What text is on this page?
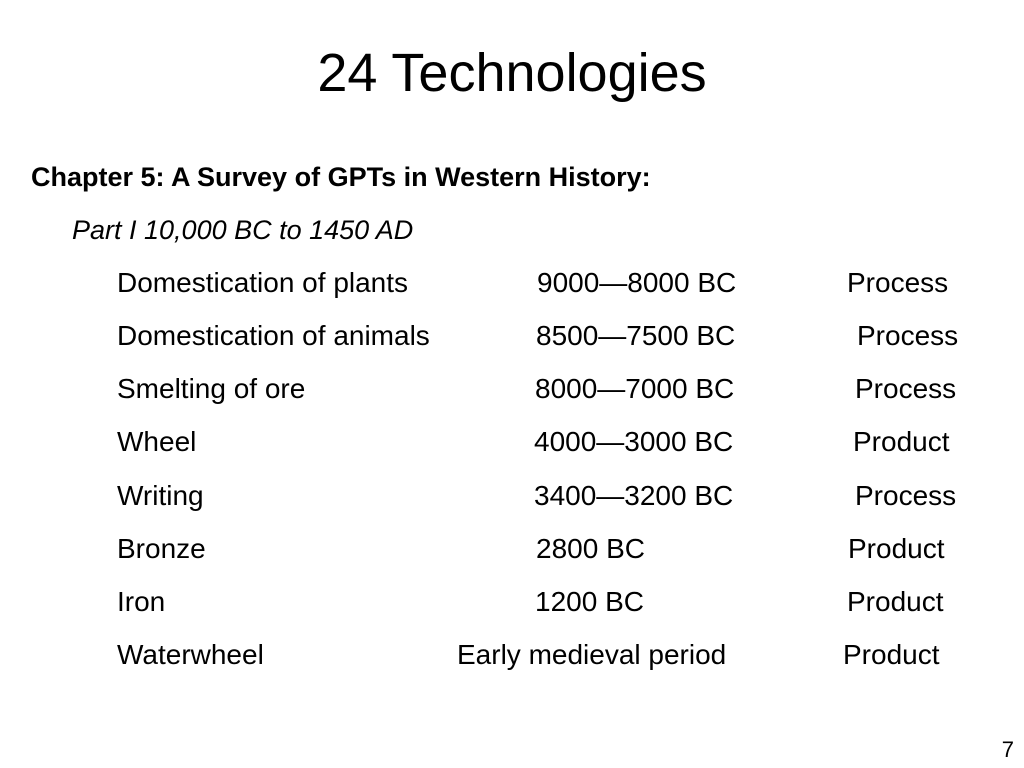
24 Technologies

Chapter 5: A Survey of GPTs in Western History:

Part I 10,000 BC to 1450 AD

Domestication of plants	9000—8000 BC	Process
Domestication of animals	8500—7500 BC	Process
Smelting of ore	8000—7000 BC	Process
Wheel	4000—3000 BC	Product
Writing	3400—3200 BC	Process
Bronze	2800 BC	Product
Iron	1200 BC	Product
Waterwheel	Early medieval period	Product
7
